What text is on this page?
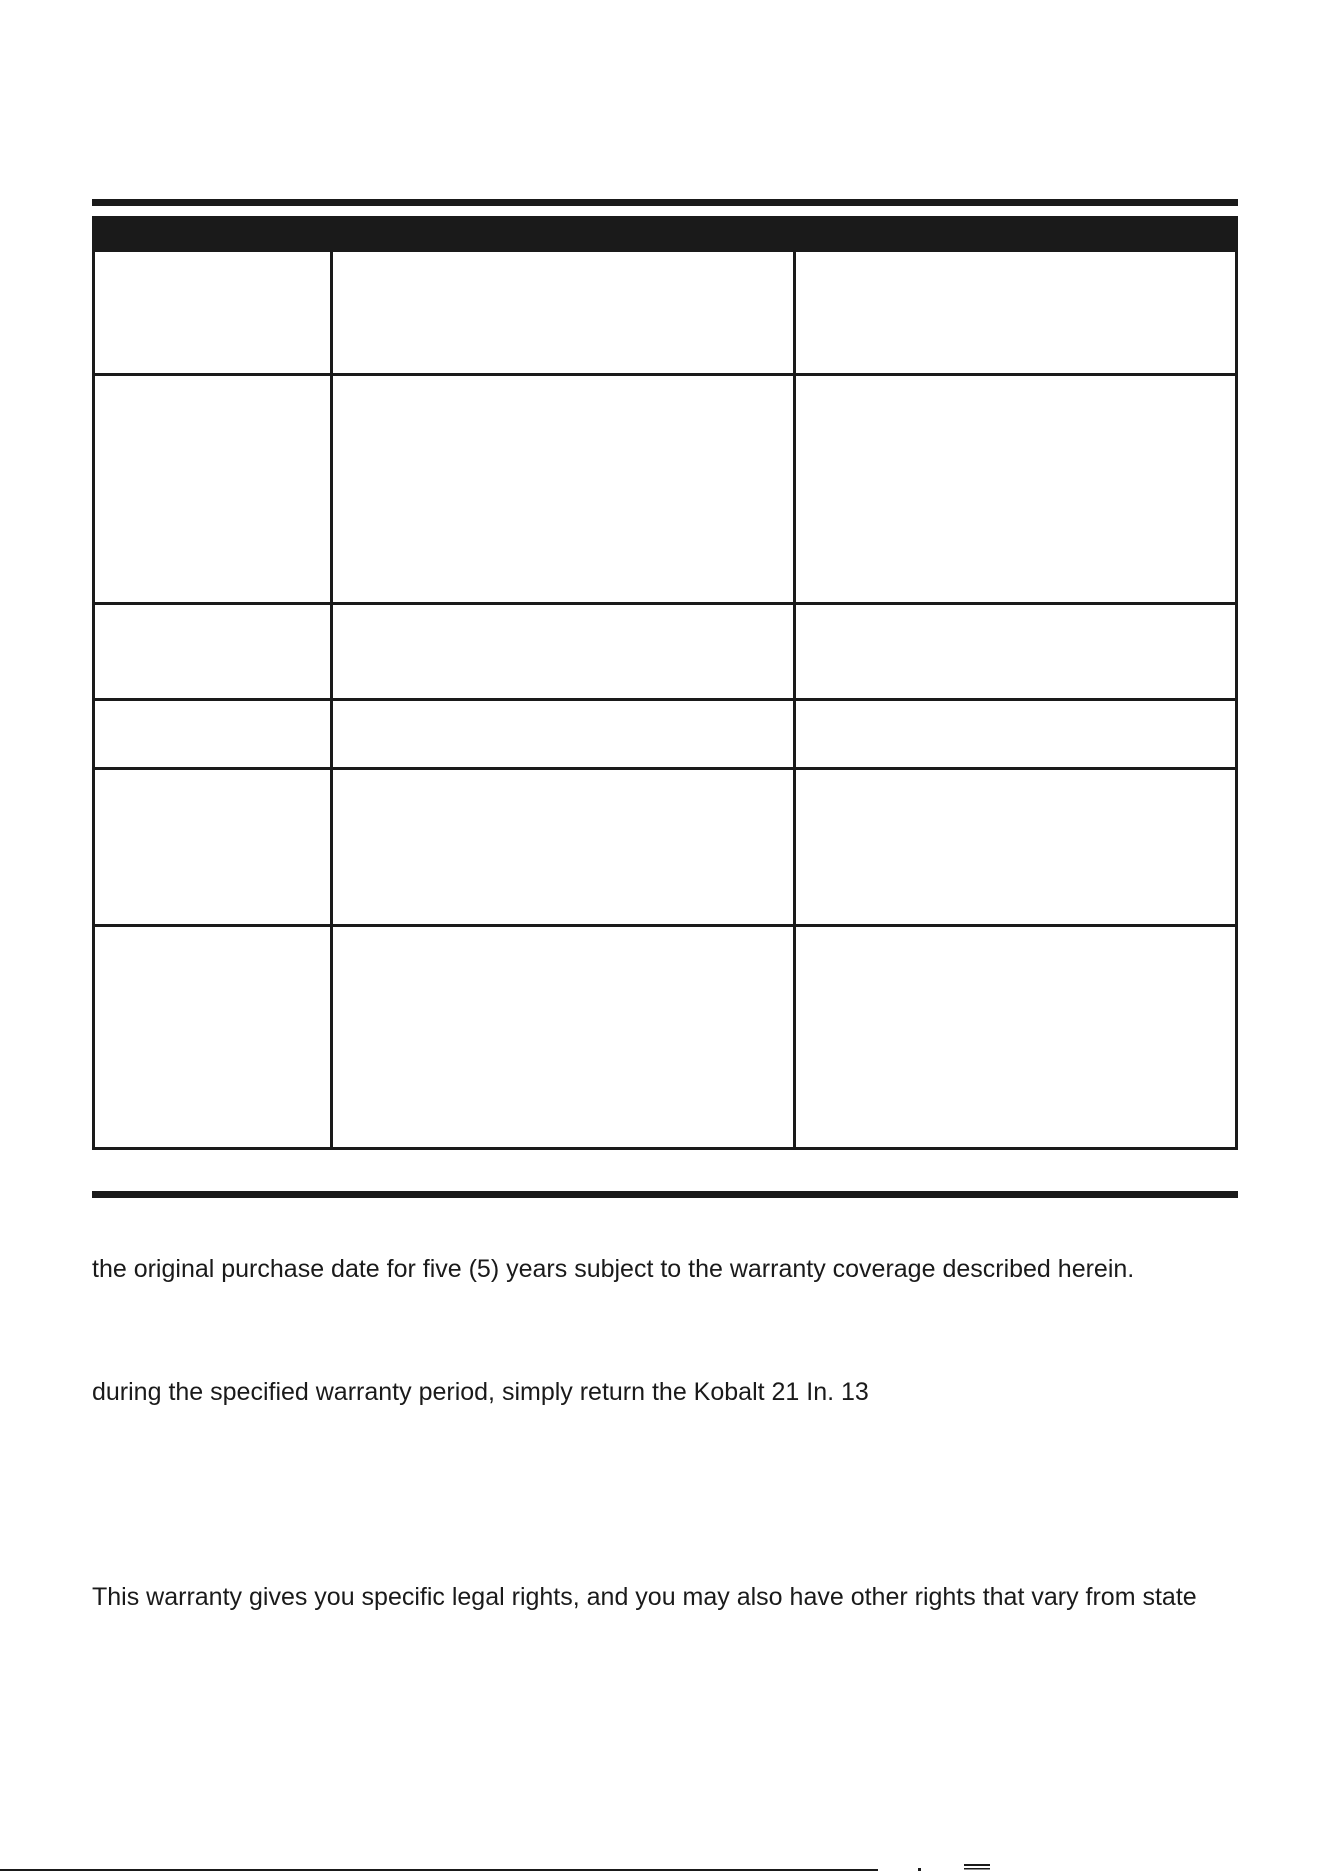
the original purchase date for five (5) years subject to the warranty coverage described herein.

during the specified warranty period, simply return the Kobalt 21 In. 13

This warranty gives you specific legal rights, and you may also have other rights that vary from state
